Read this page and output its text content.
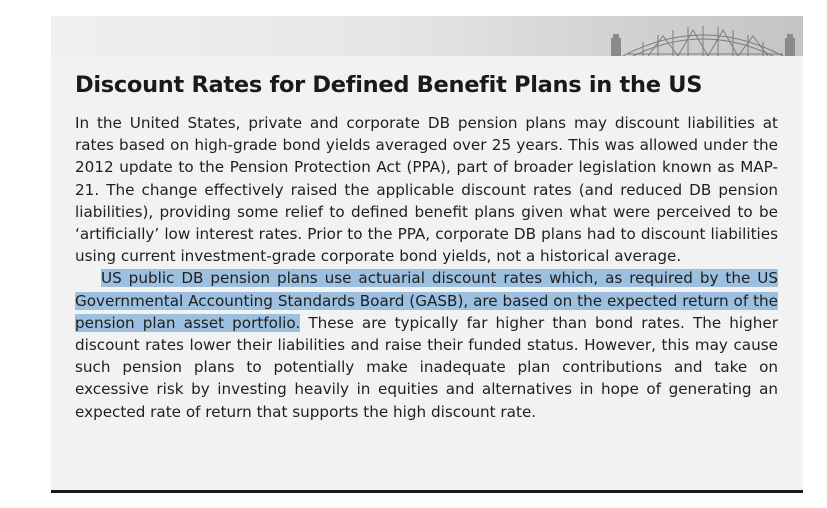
Discount Rates for Defined Benefit Plans in the US

In the United States, private and corporate DB pension plans may discount liabilities at rates based on high-grade bond yields averaged over 25 years. This was allowed under the 2012 update to the Pension Protection Act (PPA), part of broader legislation known as MAP-21. The change effectively raised the applicable discount rates (and reduced DB pension liabilities), providing some relief to defined benefit plans given what were perceived to be ‘artificially’ low interest rates. Prior to the PPA, corporate DB plans had to discount liabilities using current investment-grade corporate bond yields, not a historical average.

US public DB pension plans use actuarial discount rates which, as required by the US Governmental Accounting Standards Board (GASB), are based on the expected return of the pension plan asset portfolio. These are typically far higher than bond rates. The higher discount rates lower their liabilities and raise their funded status. However, this may cause such pension plans to potentially make inadequate plan contributions and take on excessive risk by investing heavily in equities and alternatives in hope of generating an expected rate of return that supports the high discount rate.
